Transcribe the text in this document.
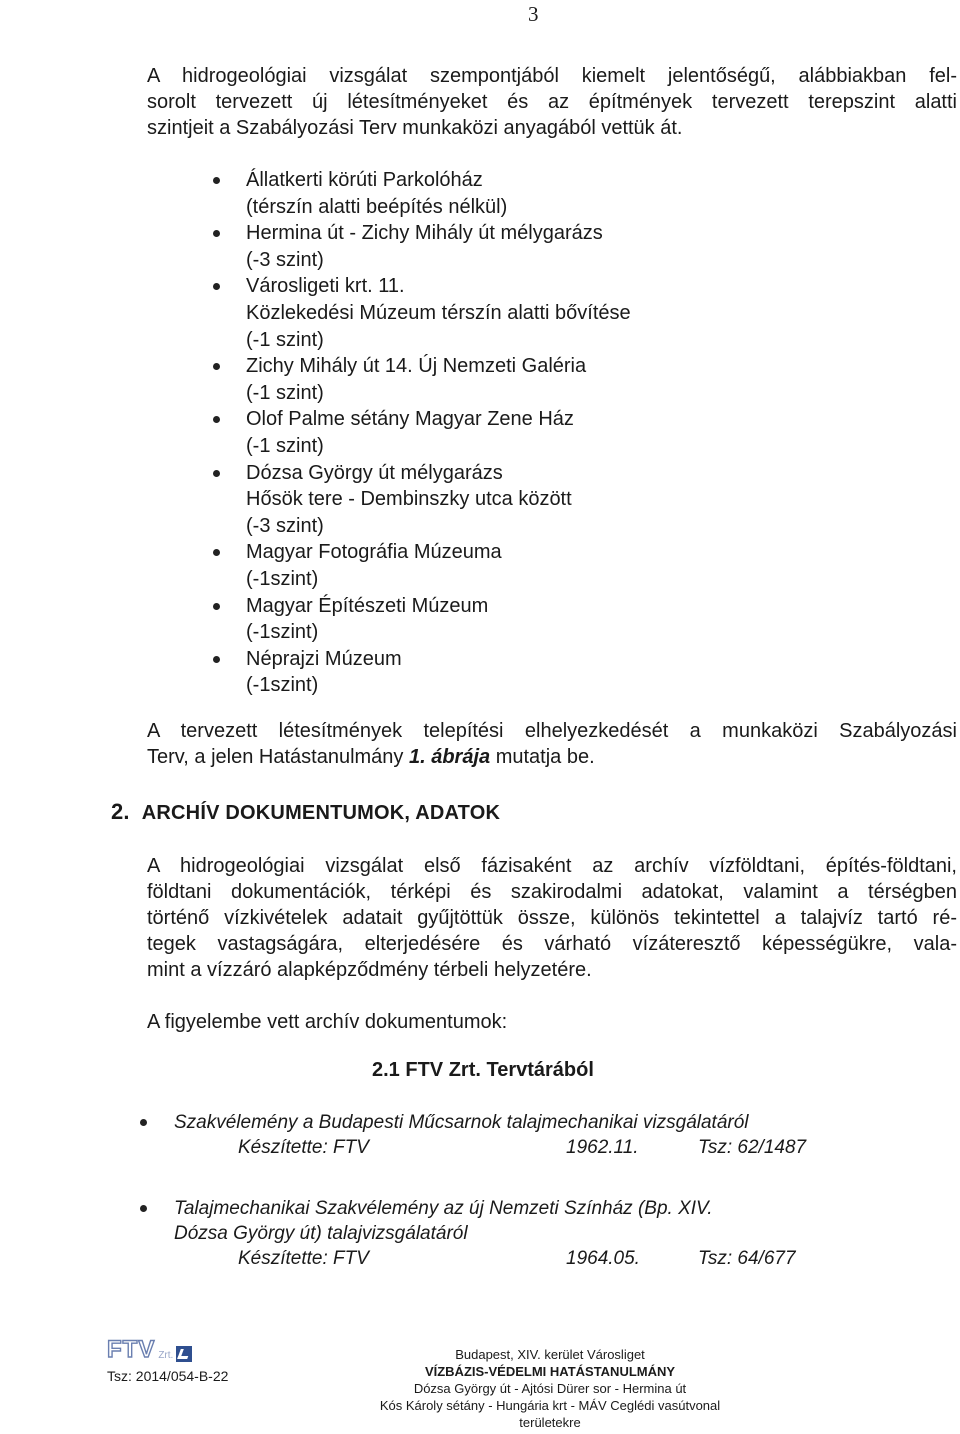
3
A hidrogeológiai vizsgálat szempontjából kiemelt jelentőségű, alábbiakban fel-
sorolt tervezett új létesítményeket és az építmények tervezett terepszint alatti
szintjeit a Szabályozási Terv munkaközi anyagából vettük át.
Állatkerti körúti Parkolóház
(térszín alatti beépítés nélkül)
Hermina út - Zichy Mihály út mélygarázs
(-3 szint)
Városligeti krt. 11.
Közlekedési Múzeum térszín alatti bővítése
(-1 szint)
Zichy Mihály út 14. Új Nemzeti Galéria
(-1 szint)
Olof Palme sétány Magyar Zene Ház
(-1 szint)
Dózsa György út mélygarázs
Hősök tere - Dembinszky utca között
(-3 szint)
Magyar Fotográfia Múzeuma
(-1szint)
Magyar Építészeti Múzeum
(-1szint)
Néprajzi Múzeum
(-1szint)
A tervezett létesítmények telepítési elhelyezkedését a munkaközi Szabályozási
Terv, a jelen Hatástanulmány 1. ábrája mutatja be.
2. ARCHÍV DOKUMENTUMOK, ADATOK
A hidrogeológiai vizsgálat első fázisaként az archív vízföldtani, építés-földtani,
földtani dokumentációk, térképi és szakirodalmi adatokat, valamint a térségben
történő vízkivételek adatait gyűjtöttük össze, különös tekintettel a talajvíz tartó ré-
tegek vastagságára, elterjedésére és várható vízáteresztő képességükre, vala-
mint a vízzáró alapképződmény térbeli helyzetére.
A figyelembe vett archív dokumentumok:
2.1 FTV Zrt. Tervtárából
Szakvélemény a Budapesti Műcsarnok talajmechanikai vizsgálatáról
Készítette: FTV	1962.11.	Tsz: 62/1487
Talajmechanikai Szakvélemény az új Nemzeti Színház (Bp. XIV.
Dózsa György út) talajvizsgálatáról
Készítette: FTV	1964.05.	Tsz: 64/677
FTV Zrt.
Tsz: 2014/054-B-22
Budapest, XIV. kerület Városliget
VÍZBÁZIS-VÉDELMI HATÁSTANULMÁNY
Dózsa György út - Ajtósi Dürer sor - Hermina út
Kós Károly sétány - Hungária krt - MÁV Ceglédi vasútvonal
területekre
